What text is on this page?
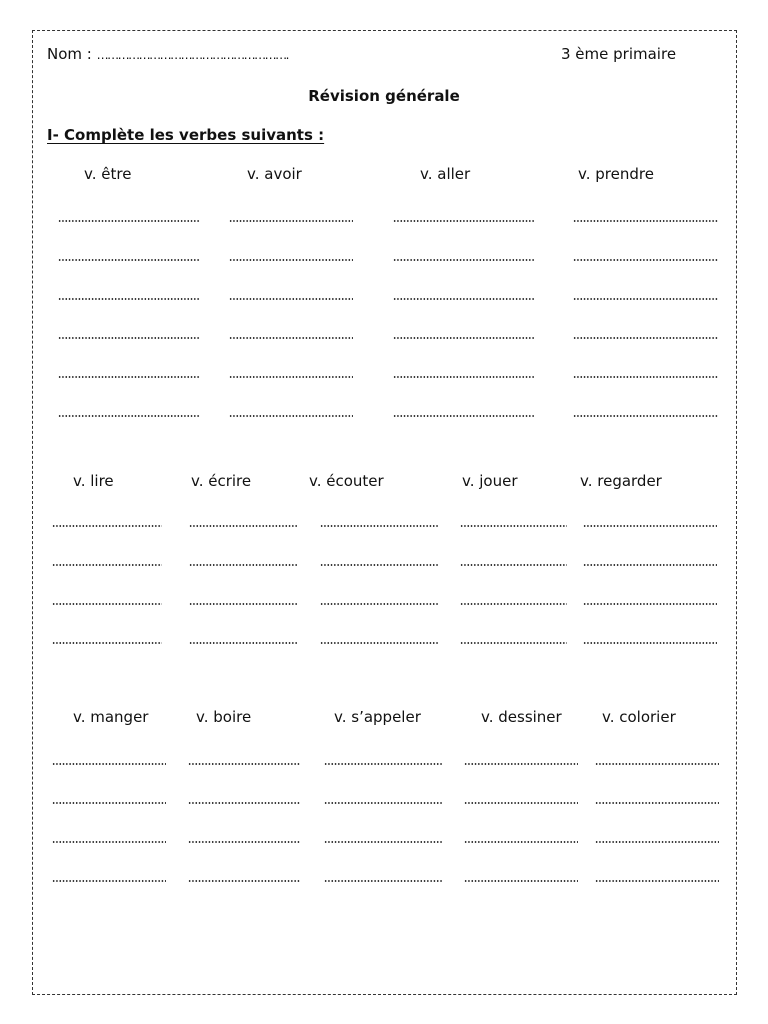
Nom : ……………………………………………….	3 ème primaire
Révision générale
I- Complète les verbes suivants :
v. être	v. avoir	v. aller	v. prendre
v. lire	v. écrire	v. écouter	v. jouer	v. regarder
v. manger	v. boire	v. s’appeler	v. dessiner	v. colorier
